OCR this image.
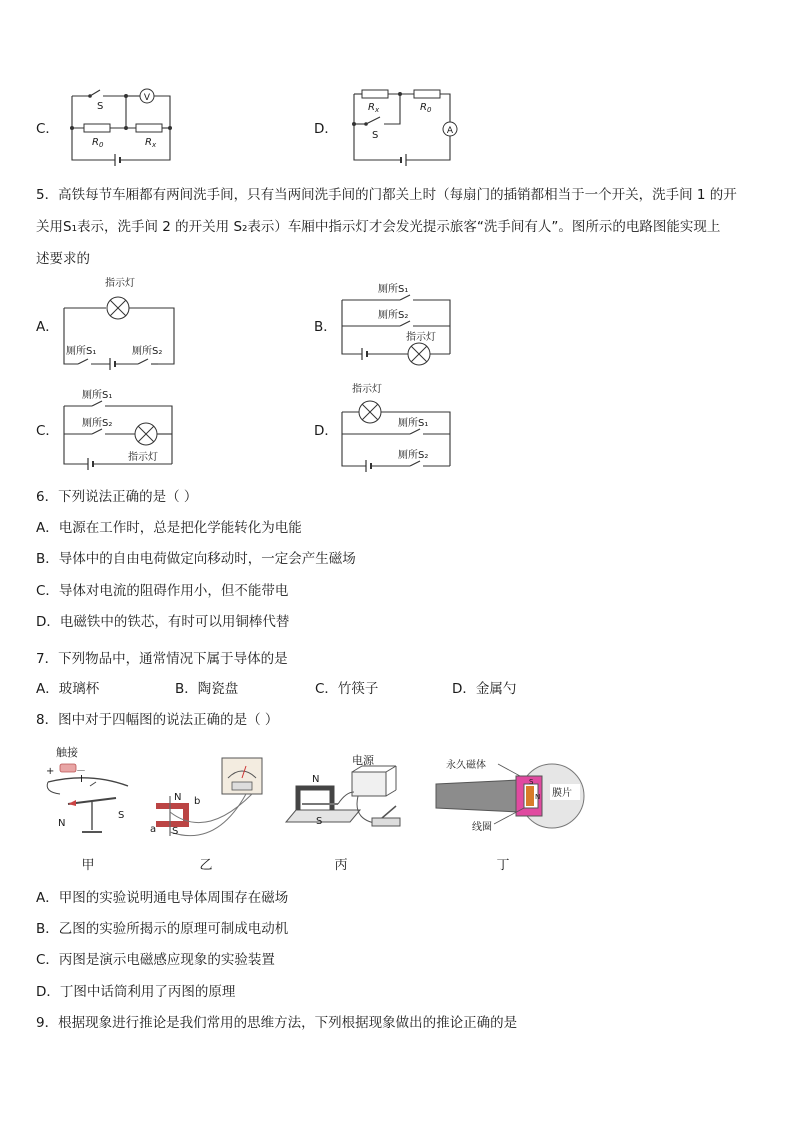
C．
V
S
$R_0$	$R_x$
D．	A
$R_x$	$R_0$
S
5．高铁每节车厢都有两间洗手间，只有当两间洗手间的门都关上时（每扇门的插销都相当于一个开关，洗手间 1 的开
关用S₁表示，洗手间 2 的开关用 S₂表示）车厢中指示灯才会发光提示旅客“洗手间有人”。图所示的电路图能实现上
述要求的
A．
指示灯
厕所S₁	厕所S₂
B．
厕所S₁
厕所S₂
指示灯
C．
厕所S₁
厕所S₂
指示灯
D．
指示灯
厕所S₁
厕所S₂
6．下列说法正确的是（ ）
A．电源在工作时，总是把化学能转化为电能
B．导体中的自由电荷做定向移动时，一定会产生磁场
C．导体对电流的阻碍作用小，但不能带电
D．电磁铁中的铁芯，有时可以用铜棒代替
7．下列物品中，通常情况下属于导体的是
A．玻璃杯	B．陶瓷盘	C．竹筷子	D．金属勺
8．图中对于四幅图的说法正确的是（ ）
触接
+ －
I
N
S
甲
N b
a S
乙
电源
N
S
丙
永久磁体
S
N
线圈
膜片
丁
A．甲图的实验说明通电导体周围存在磁场
B．乙图的实验所揭示的原理可制成电动机
C．丙图是演示电磁感应现象的实验装置
D．丁图中话筒利用了丙图的原理
9．根据现象进行推论是我们常用的思维方法，下列根据现象做出的推论正确的是
